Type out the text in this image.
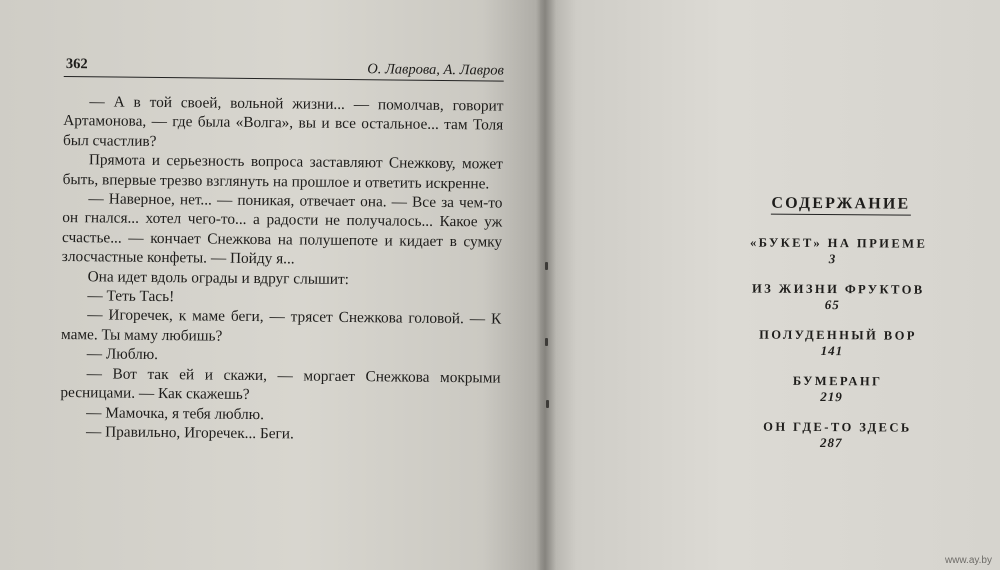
362	О. Лаврова, А. Лавров

— А в той своей, вольной жизни... — помолчав, говорит Артамонова, — где была «Волга», вы и все остальное... там Толя был счастлив?

Прямота и серьезность вопроса заставляют Снежкову, может быть, впервые трезво взглянуть на прошлое и ответить искренне.

— Наверное, нет... — поникая, отвечает она. — Все за чем-то он гнался... хотел чего-то... а радости не получалось... Какое уж счастье... — кончает Снежкова на полушепоте и кидает в сумку злосчастные конфеты. — Пойду я...

Она идет вдоль ограды и вдруг слышит:

— Теть Тась!

— Игоречек, к маме беги, — трясет Снежкова головой. — К маме. Ты маму любишь?

— Люблю.

— Вот так ей и скажи, — моргает Снежкова мокрыми ресницами. — Как скажешь?

— Мамочка, я тебя люблю.

— Правильно, Игоречек... Беги.

СОДЕРЖАНИЕ
«БУКЕТ» НА ПРИЕМЕ
3
ИЗ ЖИЗНИ ФРУКТОВ
65
ПОЛУДЕННЫЙ ВОР
141
БУМЕРАНГ
219
ОН ГДЕ-ТО ЗДЕСЬ
287
www.ay.by
